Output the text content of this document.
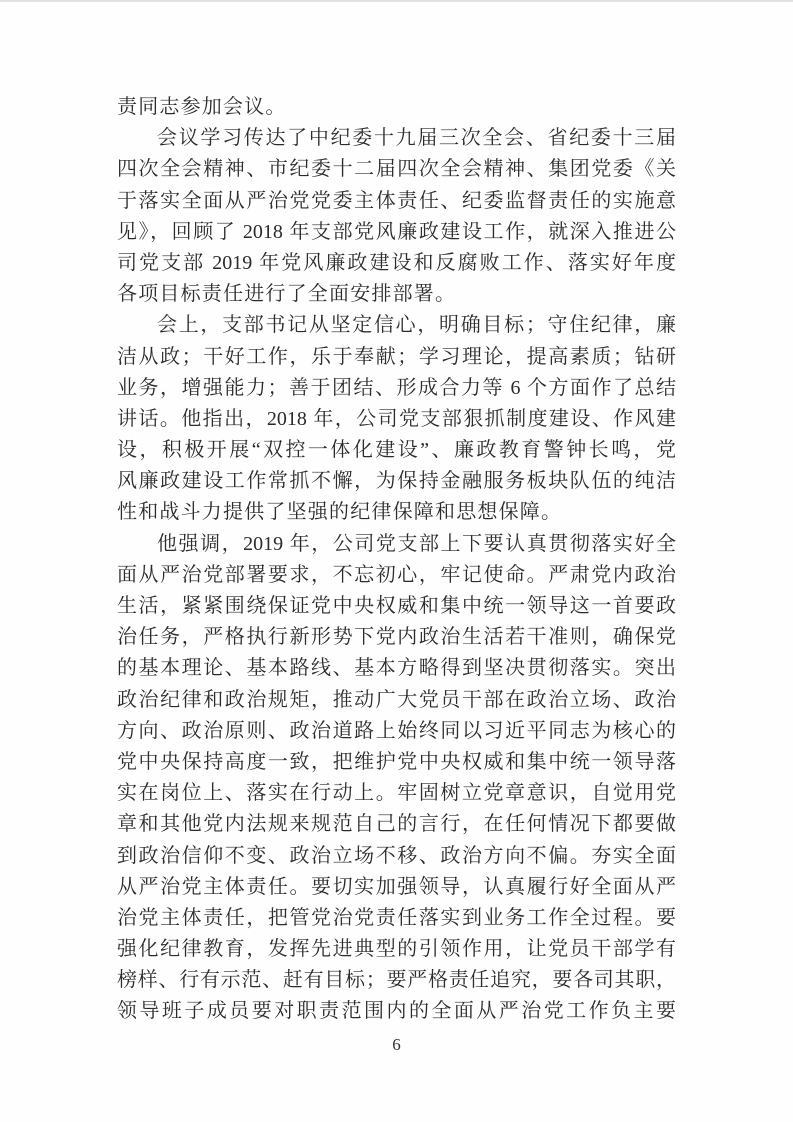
责同志参加会议。
会议学习传达了中纪委十九届三次全会、省纪委十三届
四次全会精神、市纪委十二届四次全会精神、集团党委《关
于落实全面从严治党党委主体责任、纪委监督责任的实施意
见》，回顾了 2018 年支部党风廉政建设工作，就深入推进公
司党支部 2019 年党风廉政建设和反腐败工作、落实好年度
各项目标责任进行了全面安排部署。
会上，支部书记从坚定信心，明确目标；守住纪律，廉
洁从政；干好工作，乐于奉献；学习理论，提高素质；钻研
业务，增强能力；善于团结、形成合力等 6 个方面作了总结
讲话。他指出，2018 年，公司党支部狠抓制度建设、作风建
设，积极开展“双控一体化建设”、廉政教育警钟长鸣，党
风廉政建设工作常抓不懈，为保持金融服务板块队伍的纯洁
性和战斗力提供了坚强的纪律保障和思想保障。
他强调，2019 年，公司党支部上下要认真贯彻落实好全
面从严治党部署要求，不忘初心，牢记使命。严肃党内政治
生活，紧紧围绕保证党中央权威和集中统一领导这一首要政
治任务，严格执行新形势下党内政治生活若干准则，确保党
的基本理论、基本路线、基本方略得到坚决贯彻落实。突出
政治纪律和政治规矩，推动广大党员干部在政治立场、政治
方向、政治原则、政治道路上始终同以习近平同志为核心的
党中央保持高度一致，把维护党中央权威和集中统一领导落
实在岗位上、落实在行动上。牢固树立党章意识，自觉用党
章和其他党内法规来规范自己的言行，在任何情况下都要做
到政治信仰不变、政治立场不移、政治方向不偏。夯实全面
从严治党主体责任。要切实加强领导，认真履行好全面从严
治党主体责任，把管党治党责任落实到业务工作全过程。要
强化纪律教育，发挥先进典型的引领作用，让党员干部学有
榜样、行有示范、赶有目标；要严格责任追究，要各司其职，
领导班子成员要对职责范围内的全面从严治党工作负主要
6
